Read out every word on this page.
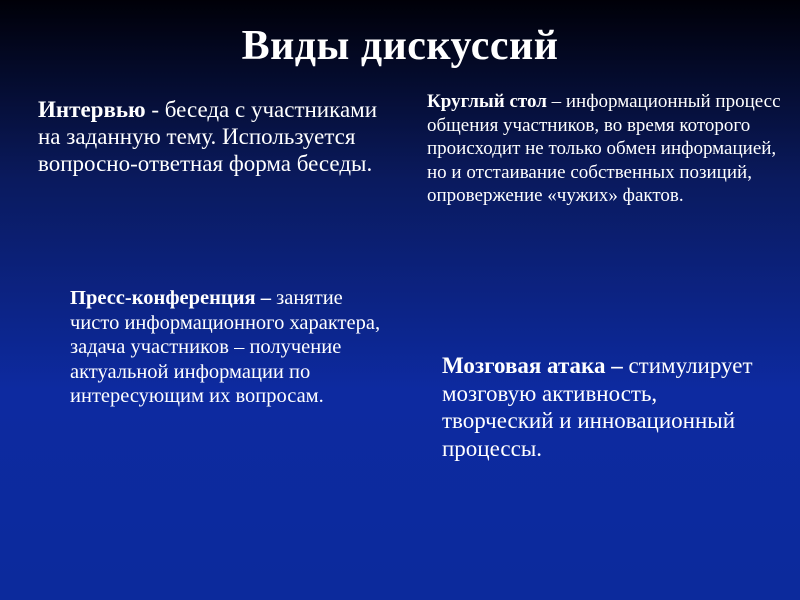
Виды дискуссий
Интервью - беседа с участниками на заданную тему. Используется вопросно-ответная форма беседы.
Круглый стол – информационный процесс общения участников, во время которого происходит не только обмен информацией, но и отстаивание собственных позиций, опровержение «чужих» фактов.
Пресс-конференция – занятие чисто информационного характера, задача участников – получение актуальной информации по интересующим их вопросам.
Мозговая атака – стимулирует мозговую активность, творческий и инновационный процессы.
